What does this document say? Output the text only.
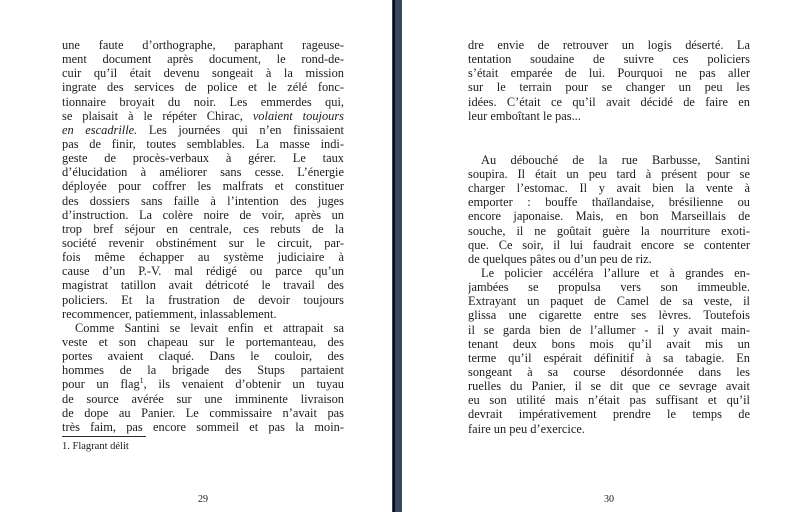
une faute d’orthographe, paraphant rageuse-
ment document après document, le rond-de-
cuir qu’il était devenu songeait à la mission
ingrate des services de police et le zélé fonc-
tionnaire broyait du noir. Les emmerdes qui,
se plaisait à le répéter Chirac, volaient toujours
en escadrille. Les journées qui n’en finissaient
pas de finir, toutes semblables. La masse indi-
geste de procès-verbaux à gérer. Le taux
d’élucidation à améliorer sans cesse. L’énergie
déployée pour coffrer les malfrats et constituer
des dossiers sans faille à l’intention des juges
d’instruction. La colère noire de voir, après un
trop bref séjour en centrale, ces rebuts de la
société revenir obstinément sur le circuit, par-
fois même échapper au système judiciaire à
cause d’un P.-V. mal rédigé ou parce qu’un
magistrat tatillon avait détricoté le travail des
policiers. Et la frustration de devoir toujours
recommencer, patiemment, inlassablement.
Comme Santini se levait enfin et attrapait sa
veste et son chapeau sur le portemanteau, des
portes avaient claqué. Dans le couloir, des
hommes de la brigade des Stups partaient
pour un flag$^1$, ils venaient d’obtenir un tuyau
de source avérée sur une imminente livraison
de dope au Panier. Le commissaire n’avait pas
très faim, pas encore sommeil et pas la moin-
1. Flagrant délit
29
dre envie de retrouver un logis déserté. La
tentation soudaine de suivre ces policiers
s’était emparée de lui. Pourquoi ne pas aller
sur le terrain pour se changer un peu les
idées. C’était ce qu’il avait décidé de faire en
leur emboîtant le pas...
Au débouché de la rue Barbusse, Santini
soupira. Il était un peu tard à présent pour se
charger l’estomac. Il y avait bien la vente à
emporter : bouffe thaïlandaise, brésilienne ou
encore japonaise. Mais, en bon Marseillais de
souche, il ne goûtait guère la nourriture exoti-
que. Ce soir, il lui faudrait encore se contenter
de quelques pâtes ou d’un peu de riz.
Le policier accéléra l’allure et à grandes en-
jambées se propulsa vers son immeuble.
Extrayant un paquet de Camel de sa veste, il
glissa une cigarette entre ses lèvres. Toutefois
il se garda bien de l’allumer - il y avait main-
tenant deux bons mois qu’il avait mis un
terme qu’il espérait définitif à sa tabagie. En
songeant à sa course désordonnée dans les
ruelles du Panier, il se dit que ce sevrage avait
eu son utilité mais n’était pas suffisant et qu’il
devrait impérativement prendre le temps de
faire un peu d’exercice.
30
